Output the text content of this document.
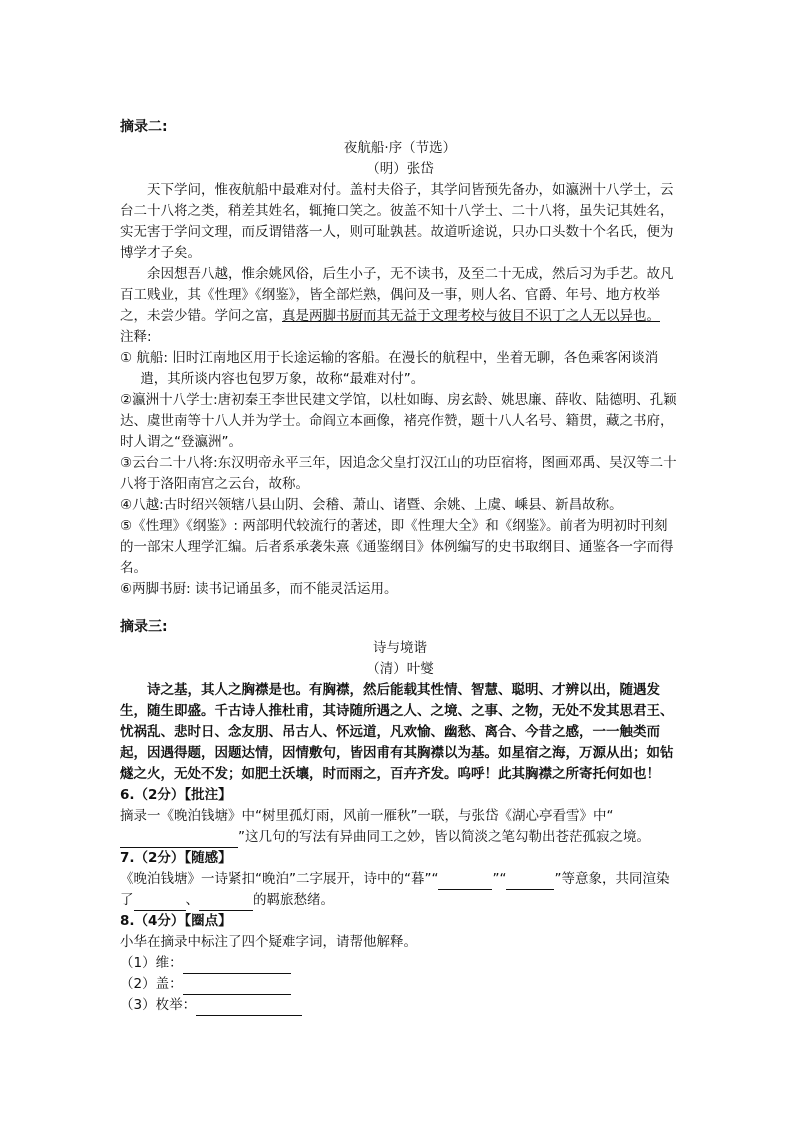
摘录二:
夜航船·序（节选）
（明）张岱
天下学问，惟夜航船中最难对付。盖村夫俗子，其学问皆预先备办，如瀛洲十八学士，云台二十八将之类，稍差其姓名，辄掩口笑之。彼盖不知十八学士、二十八将，虽失记其姓名，实无害于学问文理，而反谓错落一人，则可耻孰甚。故道听途说，只办口头数十个名氏，便为博学才子矣。
余因想吾八越，惟余姚风俗，后生小子，无不读书，及至二十无成，然后习为手艺。故凡百工贱业，其《性理》《纲鉴》，皆全部烂熟，偶问及一事，则人名、官爵、年号、地方枚举之，未尝少错。学问之富，真是两脚书厨而其无益于文理考校与彼目不识丁之人无以异也。
注释:
① 航船: 旧时江南地区用于长途运输的客船。在漫长的航程中，坐着无聊，各色乘客闲谈消遣，其所谈内容也包罗万象，故称“最难对付”。
②瀛洲十八学士:唐初秦王李世民建文学馆，以杜如晦、房玄龄、姚思廉、薛收、陆德明、孔颖达、虞世南等十八人并为学士。命阎立本画像，褚亮作赞，题十八人名号、籍贯，藏之书府，时人谓之“登瀛洲”。
③云台二十八将:东汉明帝永平三年，因追念父皇打汉江山的功臣宿将，图画邓禹、吴汉等二十八将于洛阳南宫之云台，故称。
④八越:古时绍兴领辖八县山阴、会稽、萧山、诸暨、余姚、上虞、嵊县、新昌故称。
⑤《性理》《纲鉴》: 两部明代较流行的著述，即《性理大全》和《纲鉴》。前者为明初时刊刻的一部宋人理学汇编。后者系承袭朱熹《通鉴纲目》体例编写的史书取纲目、通鉴各一字而得名。
⑥两脚书厨: 读书记诵虽多，而不能灵活运用。
摘录三:
诗与境谐
（清）叶燮
诗之基，其人之胸襟是也。有胸襟，然后能载其性情、智慧、聪明、才辨以出，随遇发生，随生即盛。千古诗人推杜甫，其诗随所遇之人、之境、之事、之物，无处不发其思君王、忧祸乱、悲时日、念友朋、吊古人、怀远道，凡欢愉、幽愁、离合、今昔之感，一一触类而起，因遇得题，因题达情，因情敷句，皆因甫有其胸襟以为基。如星宿之海，万源从出；如钻燧之火，无处不发；如肥土沃壤，时而雨之，百卉齐发。呜呼！此其胸襟之所寄托何如也！
6.（2分）【批注】
摘录一《晚泊钱塘》中“树里孤灯雨，风前一雁秋”一联，与张岱《湖心亭看雪》中“”这几句的写法有异曲同工之妙，皆以简淡之笔勾勒出苍茫孤寂之境。
7.（2分）【随感】
《晚泊钱塘》一诗紧扣“晚泊”二字展开，诗中的“暮”“	”“	”等意象，共同渲染了	、	的羁旅愁绪。
8.（4分）【圈点】
小华在摘录中标注了四个疑难字词，请帮他解释。
（1）维：
（2）盖：
（3）枚举：
